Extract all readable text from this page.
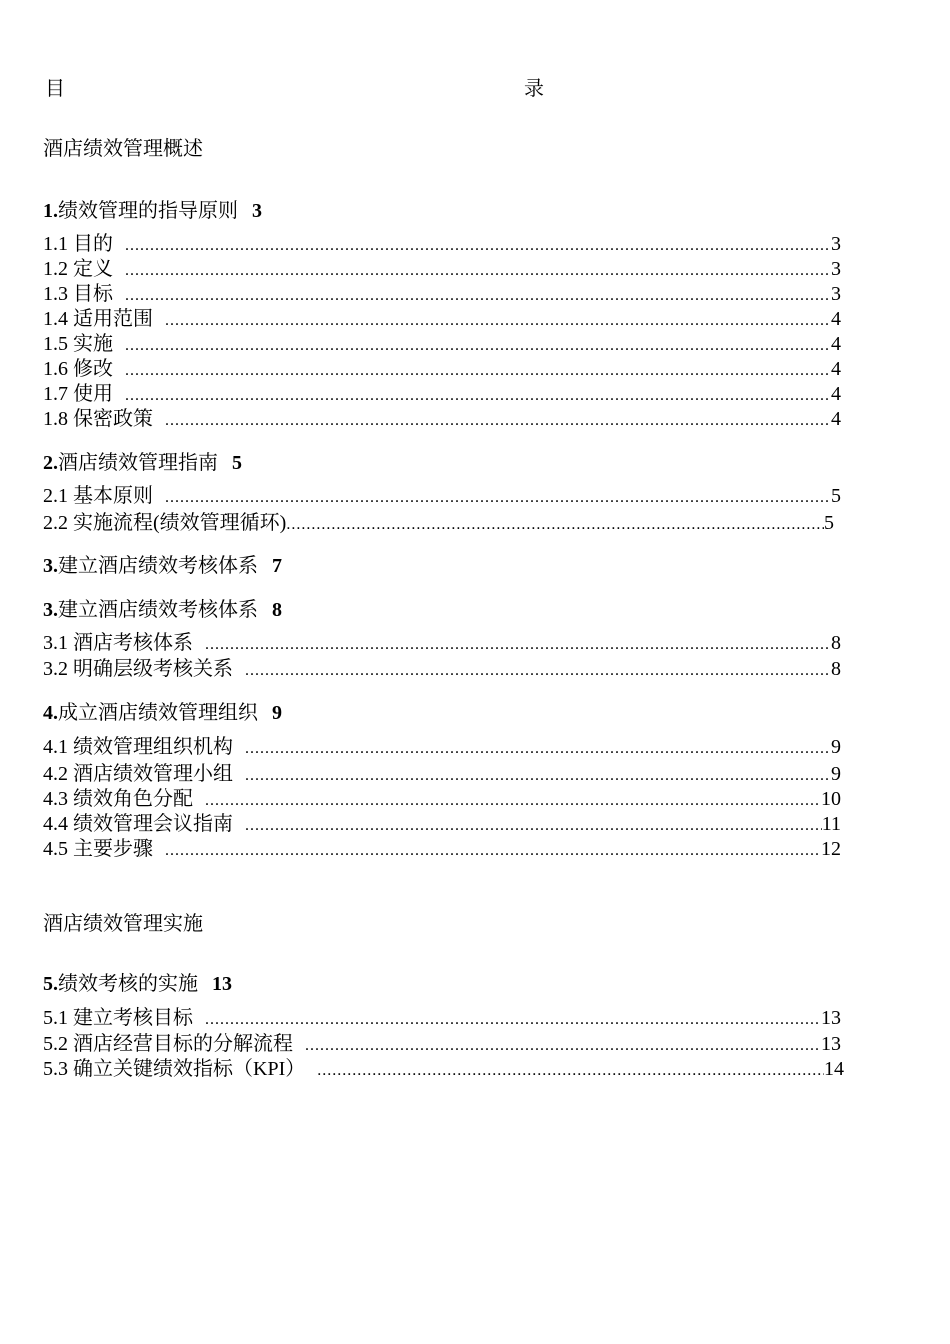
目	录
酒店绩效管理概述
1.绩效管理的指导原则 3
1.1 目的 .....	3
1.2 定义 .....	3
1.3 目标 .....	3
1.4 适用范围 .....	4
1.5 实施 .....	4
1.6 修改 .....	4
1.7 使用 .....	4
1.8 保密政策 .....	4
2.酒店绩效管理指南 5
2.1 基本原则 .....	5
2.2 实施流程(绩效管理循环) .....	5
3.建立酒店绩效考核体系 7
3.建立酒店绩效考核体系 8
3.1 酒店考核体系 .....	8
3.2 明确层级考核关系 .....	8
4.成立酒店绩效管理组织 9
4.1 绩效管理组织机构 .....	9
4.2 酒店绩效管理小组 .....	9
4.3 绩效角色分配 .....	10
4.4 绩效管理会议指南 .....	11
4.5 主要步骤 .....	12
酒店绩效管理实施
5.绩效考核的实施 13
5.1 建立考核目标 .....	13
5.2 酒店经营目标的分解流程 .....	13
5.3 确立关键绩效指标（KPI） .....	14
